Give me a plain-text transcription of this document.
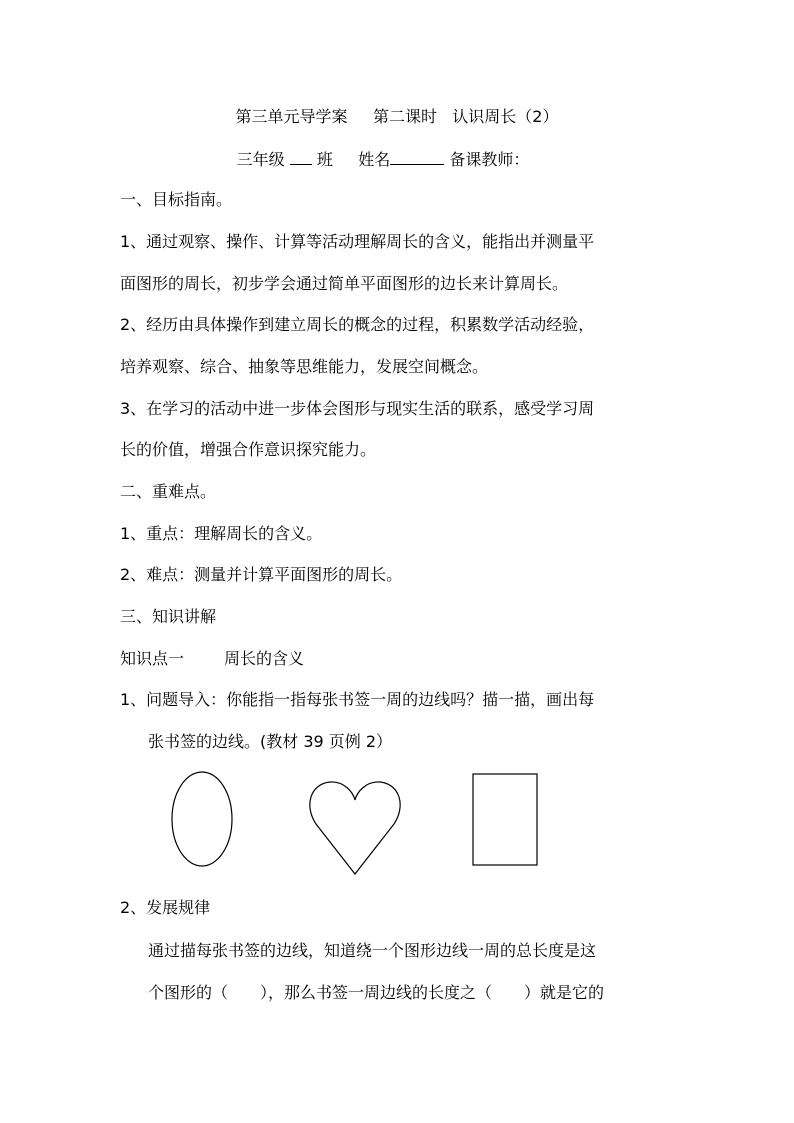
第三单元导学案 第二课时 认识周长（2）
三年级 班 姓名	备课教师：
一、目标指南。
1、通过观察、操作、计算等活动理解周长的含义，能指出并测量平
面图形的周长，初步学会通过简单平面图形的边长来计算周长。
2、经历由具体操作到建立周长的概念的过程，积累数学活动经验，
培养观察、综合、抽象等思维能力，发展空间概念。
3、在学习的活动中进一步体会图形与现实生活的联系，感受学习周
长的价值，增强合作意识探究能力。
二、重难点。
1、重点：理解周长的含义。
2、难点：测量并计算平面图形的周长。
三、知识讲解
知识点一	周长的含义
1、问题导入：你能指一指每张书签一周的边线吗？描一描，画出每
张书签的边线。(教材 39 页例 2）
2、发展规律
通过描每张书签的边线，知道绕一个图形边线一周的总长度是这
个图形的（　　），那么书签一周边线的长度之（　　）就是它的
